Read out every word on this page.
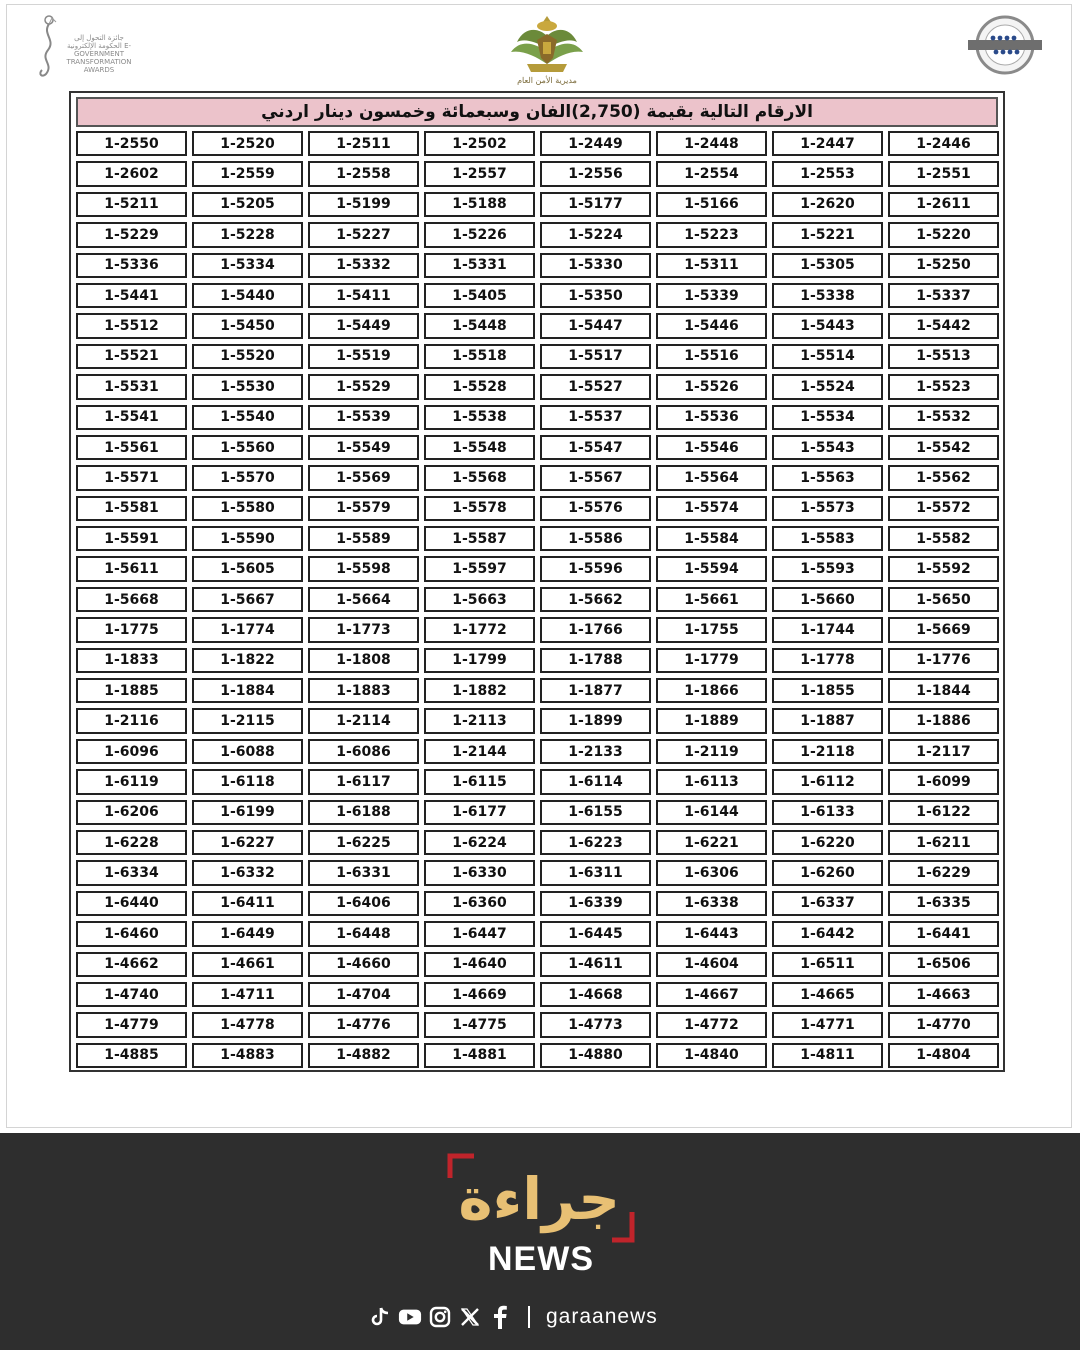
جائزة التحول إلى الحكومة الإلكترونية E-GOVERNMENT TRANSFORMATION AWARDS
مديرية الأمن العام
الارقام التالية بقيمة (2,750)الفان وسبعمائة وخمسون دينار اردني
1-2550	1-2520	1-2511	1-2502	1-2449	1-2448	1-2447	1-2446
1-2602	1-2559	1-2558	1-2557	1-2556	1-2554	1-2553	1-2551
1-5211	1-5205	1-5199	1-5188	1-5177	1-5166	1-2620	1-2611
1-5229	1-5228	1-5227	1-5226	1-5224	1-5223	1-5221	1-5220
1-5336	1-5334	1-5332	1-5331	1-5330	1-5311	1-5305	1-5250
1-5441	1-5440	1-5411	1-5405	1-5350	1-5339	1-5338	1-5337
1-5512	1-5450	1-5449	1-5448	1-5447	1-5446	1-5443	1-5442
1-5521	1-5520	1-5519	1-5518	1-5517	1-5516	1-5514	1-5513
1-5531	1-5530	1-5529	1-5528	1-5527	1-5526	1-5524	1-5523
1-5541	1-5540	1-5539	1-5538	1-5537	1-5536	1-5534	1-5532
1-5561	1-5560	1-5549	1-5548	1-5547	1-5546	1-5543	1-5542
1-5571	1-5570	1-5569	1-5568	1-5567	1-5564	1-5563	1-5562
1-5581	1-5580	1-5579	1-5578	1-5576	1-5574	1-5573	1-5572
1-5591	1-5590	1-5589	1-5587	1-5586	1-5584	1-5583	1-5582
1-5611	1-5605	1-5598	1-5597	1-5596	1-5594	1-5593	1-5592
1-5668	1-5667	1-5664	1-5663	1-5662	1-5661	1-5660	1-5650
1-1775	1-1774	1-1773	1-1772	1-1766	1-1755	1-1744	1-5669
1-1833	1-1822	1-1808	1-1799	1-1788	1-1779	1-1778	1-1776
1-1885	1-1884	1-1883	1-1882	1-1877	1-1866	1-1855	1-1844
1-2116	1-2115	1-2114	1-2113	1-1899	1-1889	1-1887	1-1886
1-6096	1-6088	1-6086	1-2144	1-2133	1-2119	1-2118	1-2117
1-6119	1-6118	1-6117	1-6115	1-6114	1-6113	1-6112	1-6099
1-6206	1-6199	1-6188	1-6177	1-6155	1-6144	1-6133	1-6122
1-6228	1-6227	1-6225	1-6224	1-6223	1-6221	1-6220	1-6211
1-6334	1-6332	1-6331	1-6330	1-6311	1-6306	1-6260	1-6229
1-6440	1-6411	1-6406	1-6360	1-6339	1-6338	1-6337	1-6335
1-6460	1-6449	1-6448	1-6447	1-6445	1-6443	1-6442	1-6441
1-4662	1-4661	1-4660	1-4640	1-4611	1-4604	1-6511	1-6506
1-4740	1-4711	1-4704	1-4669	1-4668	1-4667	1-4665	1-4663
1-4779	1-4778	1-4776	1-4775	1-4773	1-4772	1-4771	1-4770
1-4885	1-4883	1-4882	1-4881	1-4880	1-4840	1-4811	1-4804
جراءة
NEWS
garaanews
